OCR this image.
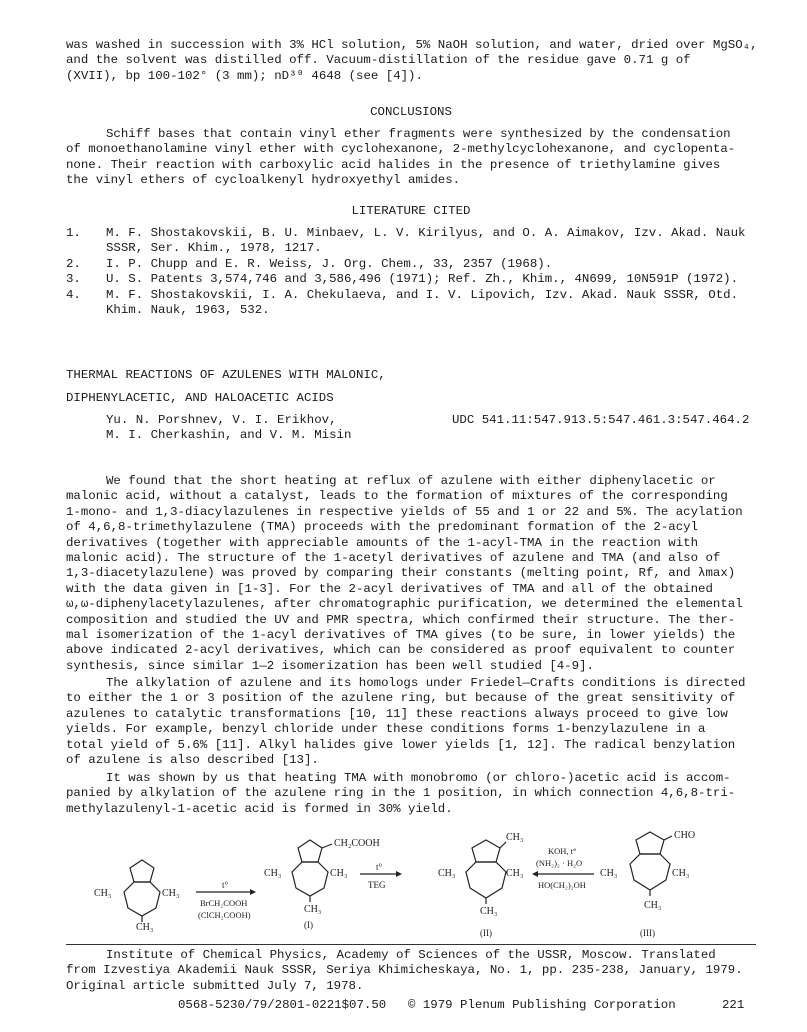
was washed in succession with 3% HCl solution, 5% NaOH solution, and water, dried over MgSO₄,
and the solvent was distilled off. Vacuum-distillation of the residue gave 0.71 g of
(XVII), bp 100-102° (3 mm); nD³⁰ 4648 (see [4]).
CONCLUSIONS
Schiff bases that contain vinyl ether fragments were synthesized by the condensation
of monoethanolamine vinyl ether with cyclohexanone, 2-methylcyclohexanone, and cyclopenta-
none. Their reaction with carboxylic acid halides in the presence of triethylamine gives
the vinyl ethers of cycloalkenyl hydroxyethyl amides.
LITERATURE CITED
1. M. F. Shostakovskii, B. U. Minbaev, L. V. Kirilyus, and O. A. Aimakov, Izv. Akad. Nauk
SSSR, Ser. Khim., 1978, 1217.
2. I. P. Chupp and E. R. Weiss, J. Org. Chem., 33, 2357 (1968).
3. U. S. Patents 3,574,746 and 3,586,496 (1971); Ref. Zh., Khim., 4N699, 10N591P (1972).
4. M. F. Shostakovskii, I. A. Chekulaeva, and I. V. Lipovich, Izv. Akad. Nauk SSSR, Otd.
Khim. Nauk, 1963, 532.
THERMAL REACTIONS OF AZULENES WITH MALONIC,
DIPHENYLACETIC, AND HALOACETIC ACIDS
Yu. N. Porshnev, V. I. Erikhov,
M. I. Cherkashin, and V. M. Misin
UDC 541.11:547.913.5:547.461.3:547.464.2
We found that the short heating at reflux of azulene with either diphenylacetic or
malonic acid, without a catalyst, leads to the formation of mixtures of the corresponding
1-mono- and 1,3-diacylazulenes in respective yields of 55 and 1 or 22 and 5%. The acylation
of 4,6,8-trimethylazulene (TMA) proceeds with the predominant formation of the 2-acyl
derivatives (together with appreciable amounts of the 1-acyl-TMA in the reaction with
malonic acid). The structure of the 1-acetyl derivatives of azulene and TMA (and also of
1,3-diacetylazulene) was proved by comparing their constants (melting point, Rf, and λmax)
with the data given in [1-3]. For the 2-acyl derivatives of TMA and all of the obtained
ω,ω-diphenylacetylazulenes, after chromatographic purification, we determined the elemental
composition and studied the UV and PMR spectra, which confirmed their structure. The ther-
mal isomerization of the 1-acyl derivatives of TMA gives (to be sure, in lower yields) the
above indicated 2-acyl derivatives, which can be considered as proof equivalent to counter
synthesis, since similar 1—2 isomerization has been well studied [4-9].
The alkylation of azulene and its homologs under Friedel—Crafts conditions is directed
to either the 1 or 3 position of the azulene ring, but because of the great sensitivity of
azulenes to catalytic transformations [10, 11] these reactions always proceed to give low
yields. For example, benzyl chloride under these conditions forms 1-benzylazulene in a
total yield of 5.6% [11]. Alkyl halides give lower yields [1, 12]. The radical benzylation
of azulene is also described [13].
It was shown by us that heating TMA with monobromo (or chloro-)acetic acid is accom-
panied by alkylation of the azulene ring in the 1 position, in which connection 4,6,8-tri-
methylazulenyl-1-acetic acid is formed in 30% yield.
CH₃	CH₃
CH₃
t°
BrCH₂COOH
(ClCH₂COOH)
CH₂COOH
CH₃	CH₃
CH₃
(I)
t°
TEG
CH₃
CH₃	CH₃
CH₃
(II)
KOH, t°
(NH₂)₂ · H₂O
HO(CH₂)₂OH
CHO
CH₃	CH₃
CH₃
(III)
Institute of Chemical Physics, Academy of Sciences of the USSR, Moscow. Translated
from Izvestiya Akademii Nauk SSSR, Seriya Khimicheskaya, No. 1, pp. 235-238, January, 1979.
Original article submitted July 7, 1978.
0568-5230/79/2801-0221$07.50 © 1979 Plenum Publishing Corporation	221
